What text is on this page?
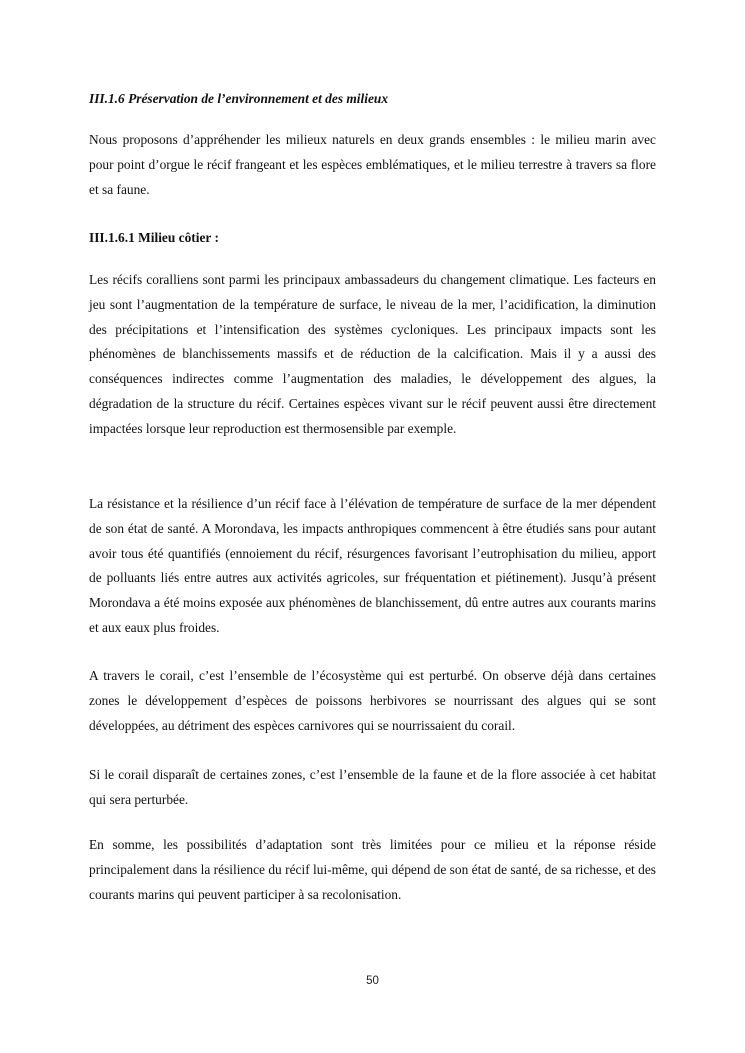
III.1.6 Préservation de l’environnement et des milieux

Nous proposons d’appréhender les milieux naturels en deux grands ensembles : le milieu marin avec pour point d’orgue le récif frangeant et les espèces emblématiques, et le milieu terrestre à travers sa flore et sa faune.

III.1.6.1 Milieu côtier :

Les récifs coralliens sont parmi les principaux ambassadeurs du changement climatique. Les facteurs en jeu sont l’augmentation de la température de surface, le niveau de la mer, l’acidification, la diminution des précipitations et l’intensification des systèmes cycloniques. Les principaux impacts sont les phénomènes de blanchissements massifs et de réduction de la calcification. Mais il y a aussi des conséquences indirectes comme l’augmentation des maladies, le développement des algues, la dégradation de la structure du récif. Certaines espèces vivant sur le récif peuvent aussi être directement impactées lorsque leur reproduction est thermosensible par exemple.

La résistance et la résilience d’un récif face à l’élévation de température de surface de la mer dépendent de son état de santé. A Morondava, les impacts anthropiques commencent à être étudiés sans pour autant avoir tous été quantifiés (ennoiement du récif, résurgences favorisant l’eutrophisation du milieu, apport de polluants liés entre autres aux activités agricoles, sur fréquentation et piétinement). Jusqu’à présent Morondava a été moins exposée aux phénomènes de blanchissement, dû entre autres aux courants marins et aux eaux plus froides.

A travers le corail, c’est l’ensemble de l’écosystème qui est perturbé. On observe déjà dans certaines zones le développement d’espèces de poissons herbivores se nourrissant des algues qui se sont développées, au détriment des espèces carnivores qui se nourrissaient du corail.

Si le corail disparaît de certaines zones, c’est l’ensemble de la faune et de la flore associée à cet habitat qui sera perturbée.

En somme, les possibilités d’adaptation sont très limitées pour ce milieu et la réponse réside principalement dans la résilience du récif lui-même, qui dépend de son état de santé, de sa richesse, et des courants marins qui peuvent participer à sa recolonisation.

50
